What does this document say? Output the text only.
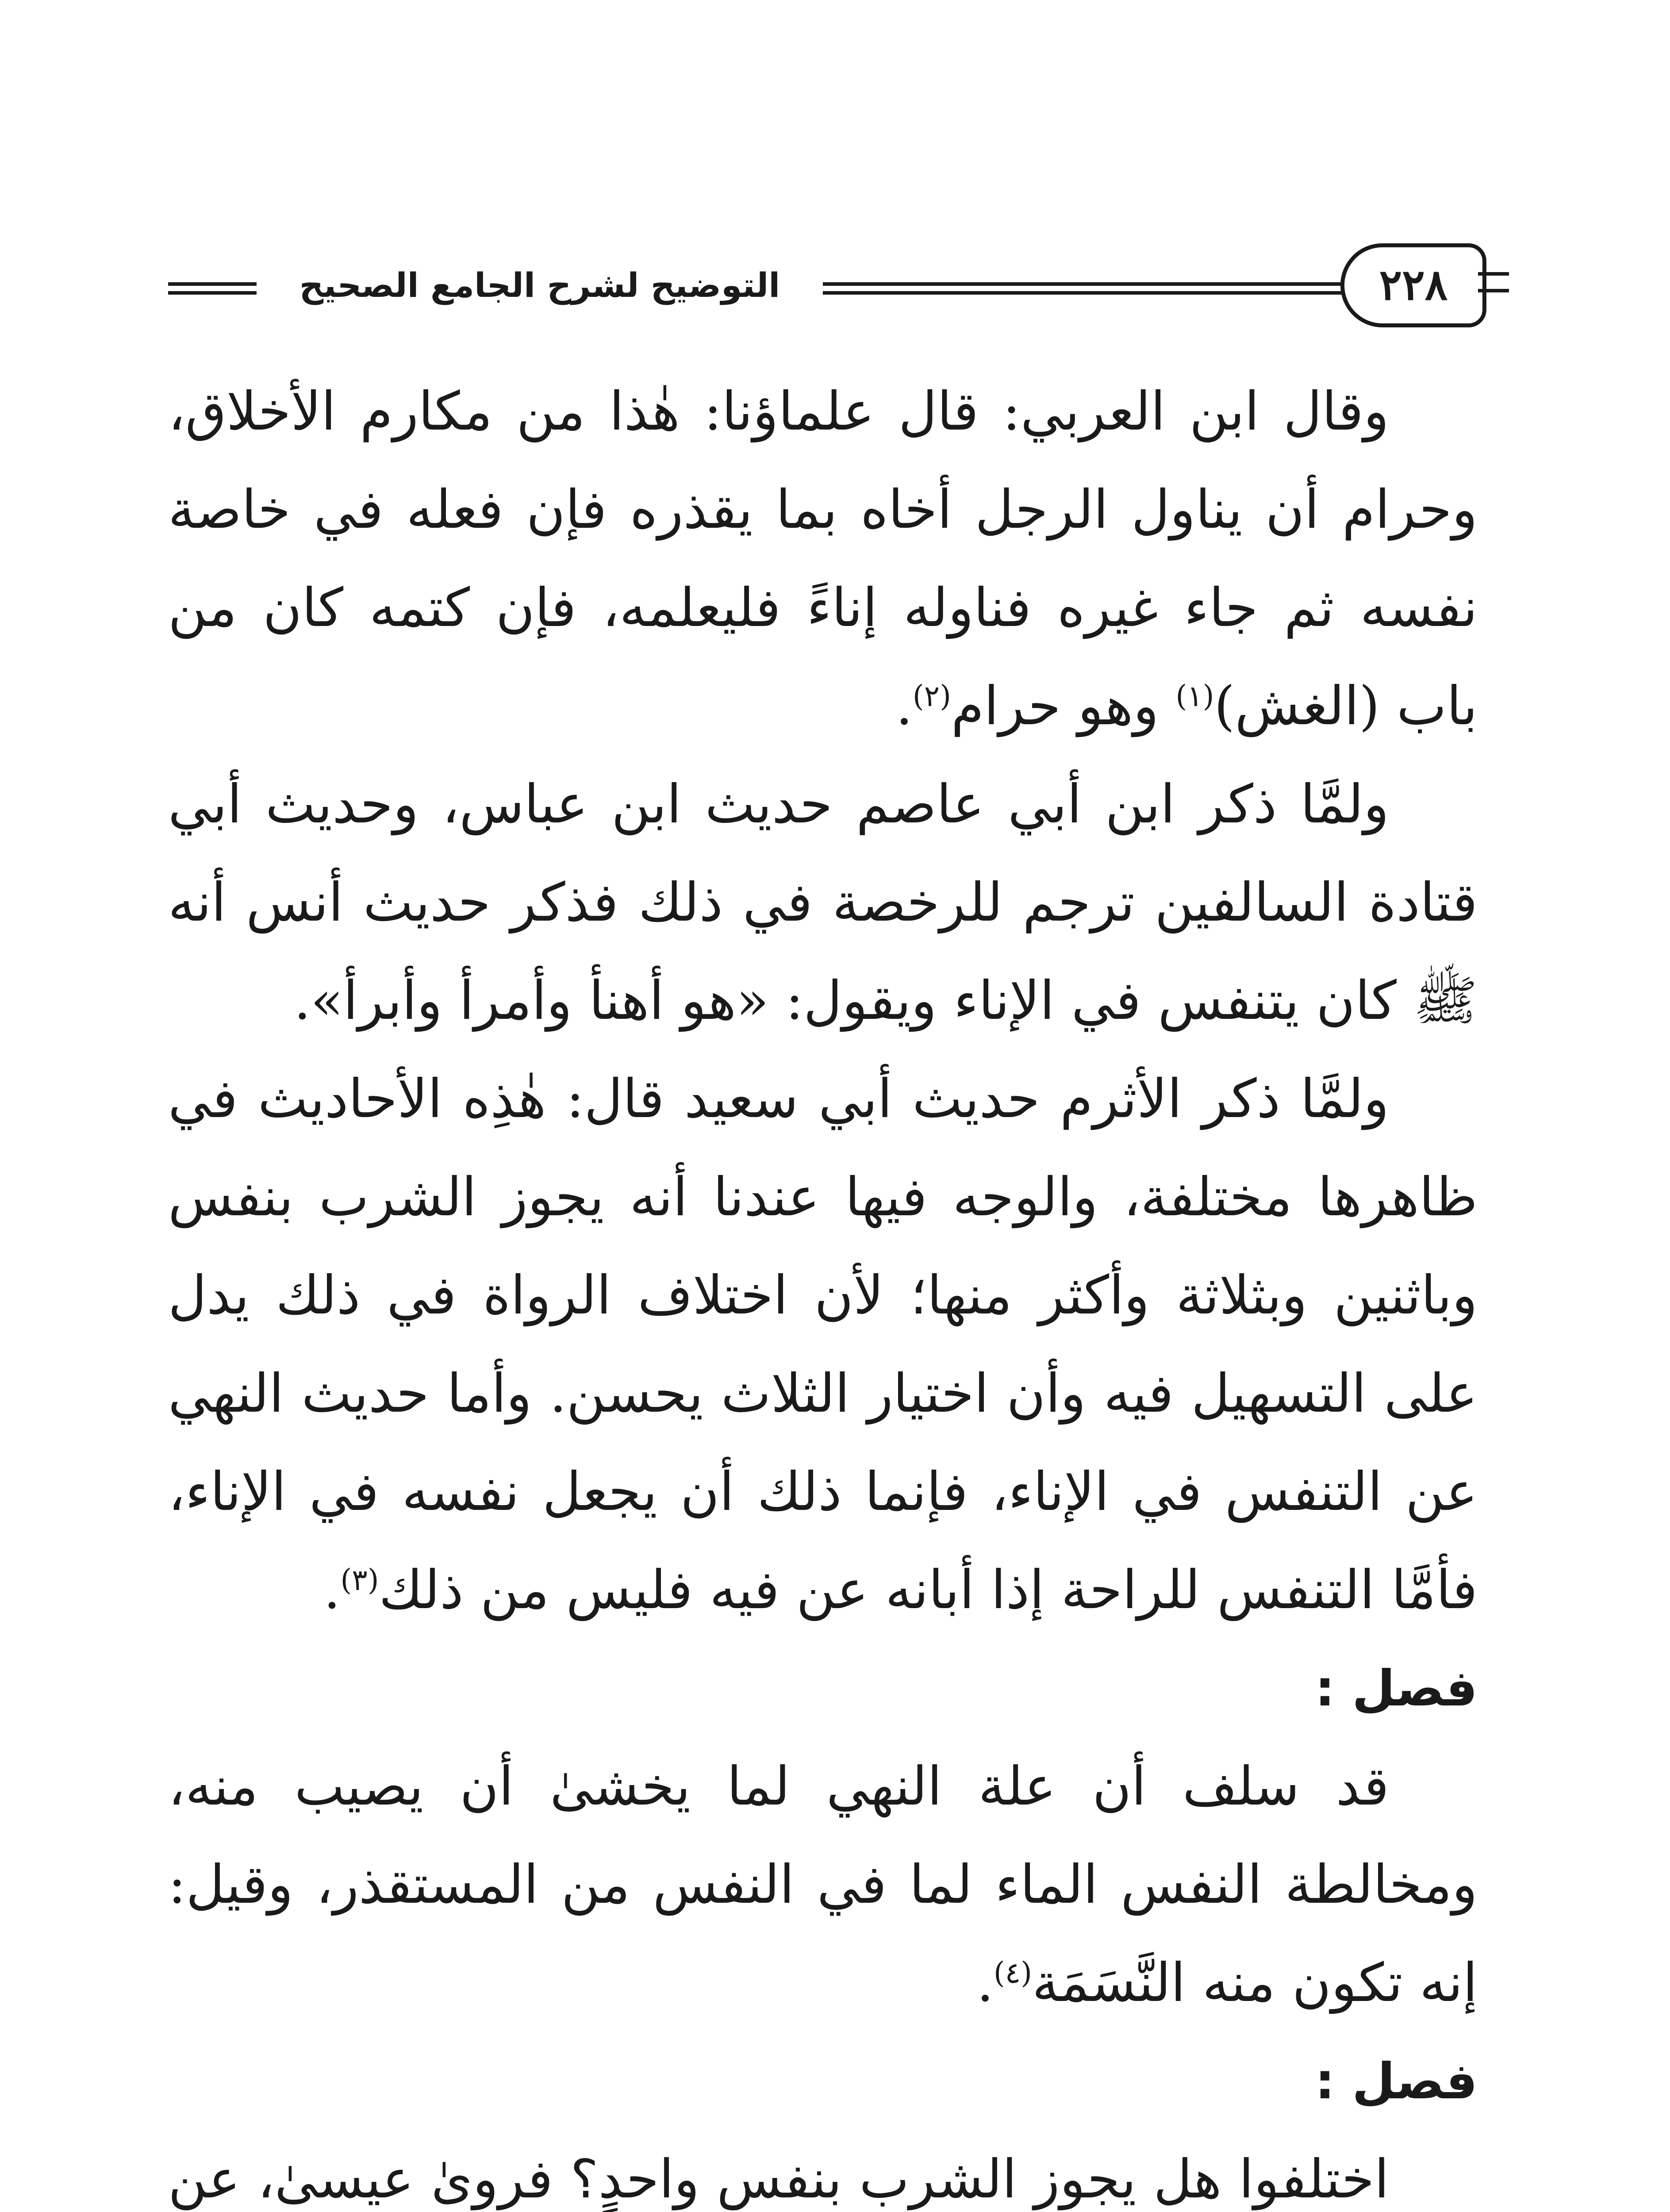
التوضيح لشرح الجامع الصحيح	٢٢٨

وقال ابن العربي: قال علماؤنا: هٰذا من مكارم الأخلاق، وحرام أن يناول الرجل أخاه بما يقذره فإن فعله في خاصة نفسه ثم جاء غيره فناوله إناءً فليعلمه، فإن كتمه كان من باب (الغش)$^{(١)}$ وهو حرام$^{(٢)}$.

ولمَّا ذكر ابن أبي عاصم حديث ابن عباس، وحديث أبي قتادة السالفين ترجم للرخصة في ذلك فذكر حديث أنس أنه ﷺ كان يتنفس في الإناء ويقول: «هو أهنأ وأمرأ وأبرأ».

ولمَّا ذكر الأثرم حديث أبي سعيد قال: هٰذِه الأحاديث في ظاهرها مختلفة، والوجه فيها عندنا أنه يجوز الشرب بنفس وباثنين وبثلاثة وأكثر منها؛ لأن اختلاف الرواة في ذلك يدل على التسهيل فيه وأن اختيار الثلاث يحسن. وأما حديث النهي عن التنفس في الإناء، فإنما ذلك أن يجعل نفسه في الإناء، فأمَّا التنفس للراحة إذا أبانه عن فيه فليس من ذلك$^{(٣)}$.

فصل :

قد سلف أن علة النهي لما يخشىٰ أن يصيب منه، ومخالطة النفس الماء لما في النفس من المستقذر، وقيل: إنه تكون منه النَّسَمَة$^{(٤)}$.

فصل :

اختلفوا هل يجوز الشرب بنفس واحدٍ؟ فروىٰ عيسىٰ، عن
